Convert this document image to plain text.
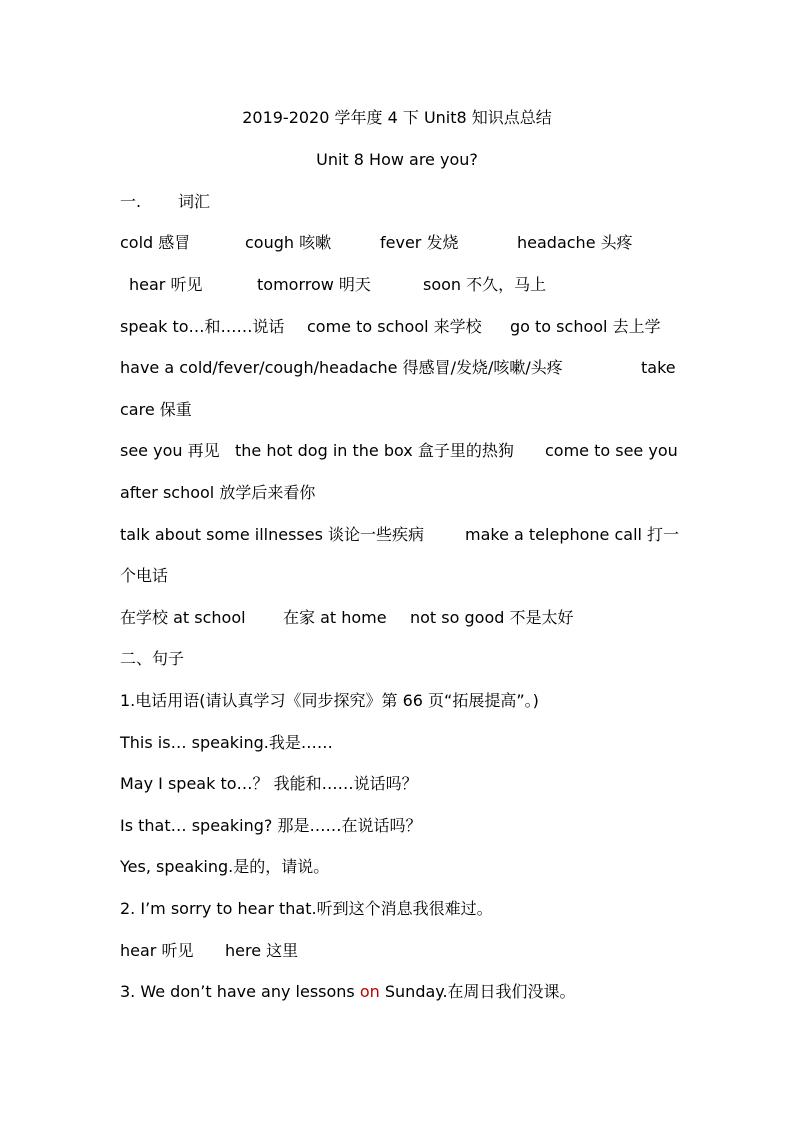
2019-2020 学年度 4 下 Unit8 知识点总结
Unit 8 How are you?
一. 词汇
cold 感冒	cough 咳嗽	fever 发烧	headache 头疼
hear 听见	tomorrow 明天	soon 不久，马上
speak to…和……说话 come to school 来学校 go to school 去上学
have a cold/fever/cough/headache 得感冒/发烧/咳嗽/头疼	take
care 保重
see you 再见 the hot dog in the box 盒子里的热狗 come to see you
after school 放学后来看你
talk about some illnesses 谈论一些疾病	make a telephone call 打一
个电话
在学校 at school 在家 at home not so good 不是太好
二、句子
1.电话用语(请认真学习《同步探究》第 66 页“拓展提高”。)
This is… speaking.我是……
May I speak to…？ 我能和……说话吗？
Is that… speaking? 那是……在说话吗？
Yes, speaking.是的，请说。
2. I’m sorry to hear that.听到这个消息我很难过。
hear 听见 here 这里
3. We don’t have any lessons on Sunday.在周日我们没课。
